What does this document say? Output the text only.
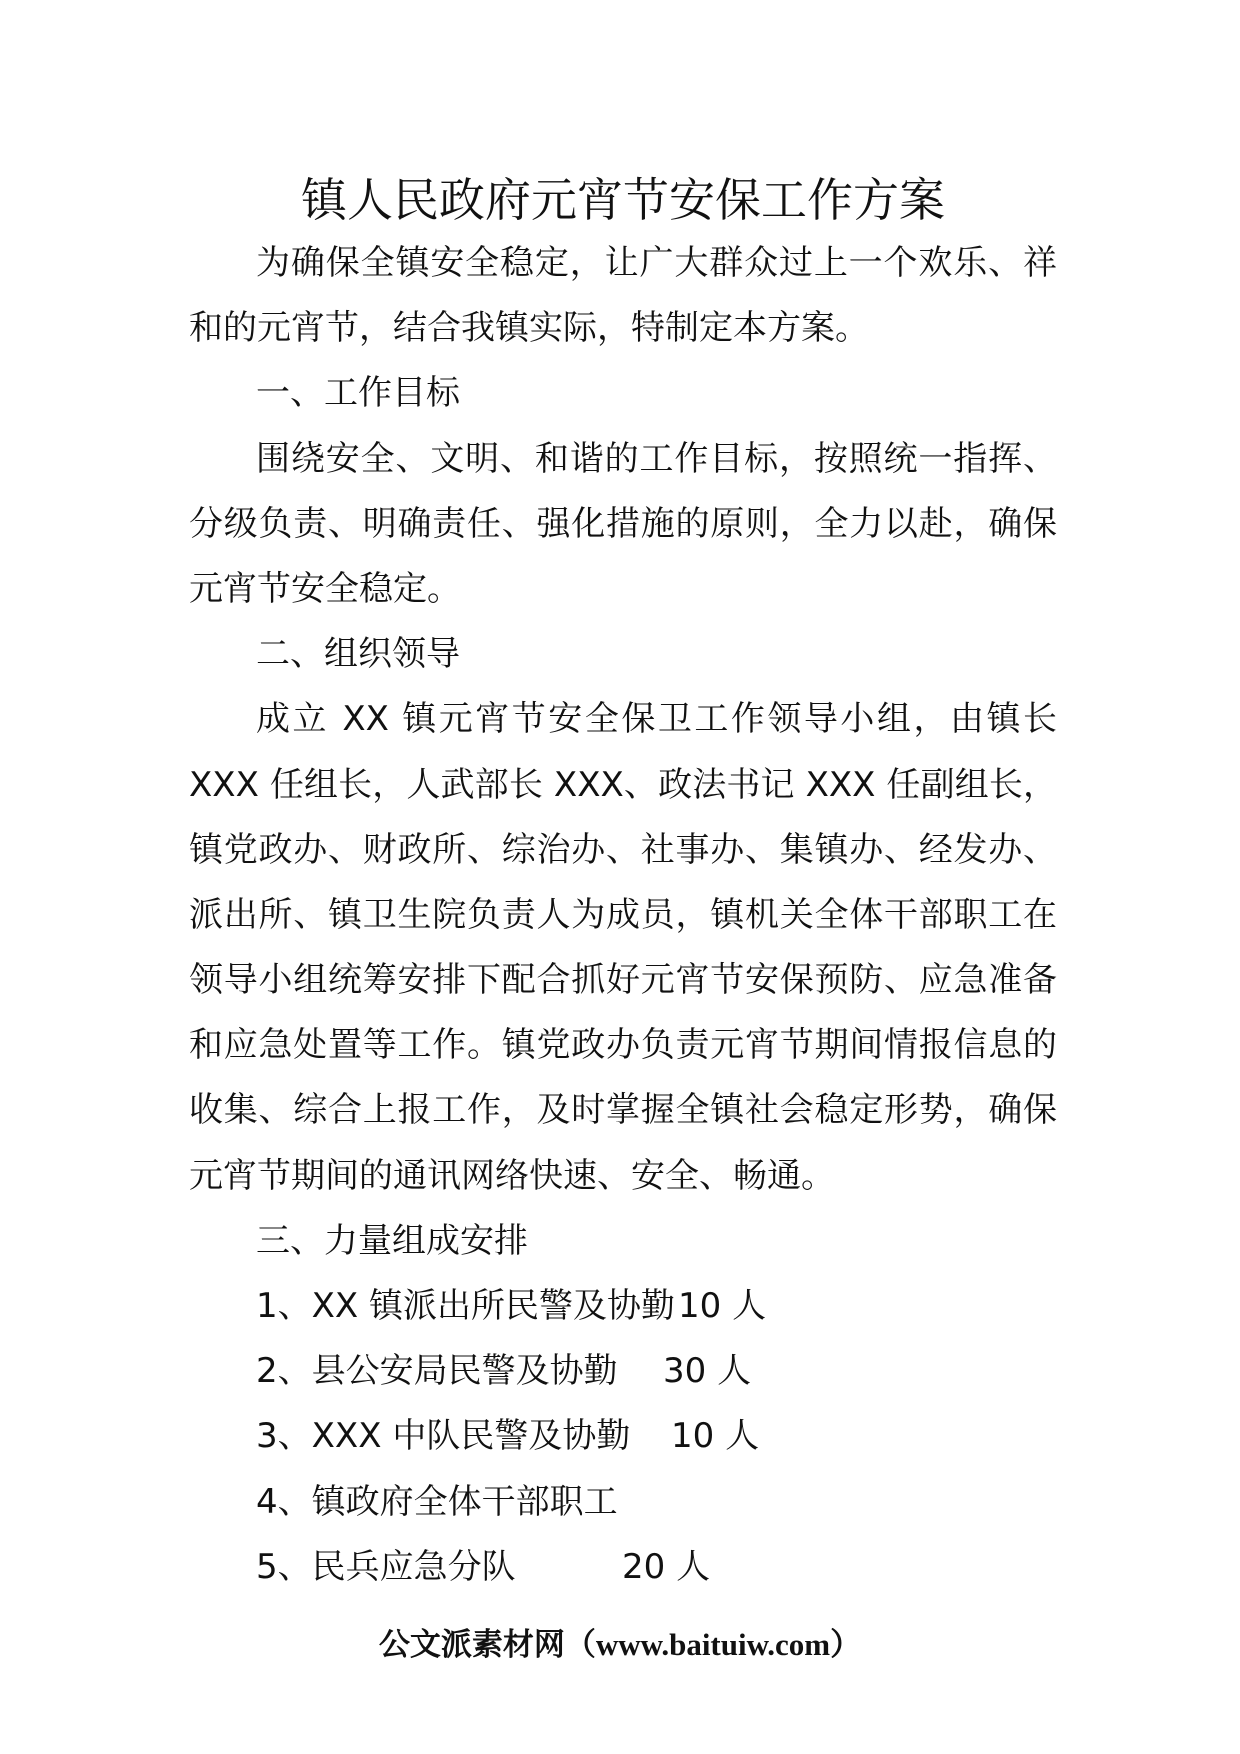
镇人民政府元宵节安保工作方案
为确保全镇安全稳定，让广大群众过上一个欢乐、祥
和的元宵节，结合我镇实际，特制定本方案。
一、工作目标
围绕安全、文明、和谐的工作目标，按照统一指挥、
分级负责、明确责任、强化措施的原则，全力以赴，确保
元宵节安全稳定。
二、组织领导
成立 XX 镇元宵节安全保卫工作领导小组，由镇长
XXX 任组长，人武部长 XXX、政法书记 XXX 任副组长，
镇党政办、财政所、综治办、社事办、集镇办、经发办、
派出所、镇卫生院负责人为成员，镇机关全体干部职工在
领导小组统筹安排下配合抓好元宵节安保预防、应急准备
和应急处置等工作。镇党政办负责元宵节期间情报信息的
收集、综合上报工作，及时掌握全镇社会稳定形势，确保
元宵节期间的通讯网络快速、安全、畅通。
三、力量组成安排
1、XX 镇派出所民警及协勤 10 人
2、县公安局民警及协勤 30 人
3、XXX 中队民警及协勤 10 人
4、镇政府全体干部职工
5、民兵应急分队	20 人
公文派素材网（www.baituiw.com）
